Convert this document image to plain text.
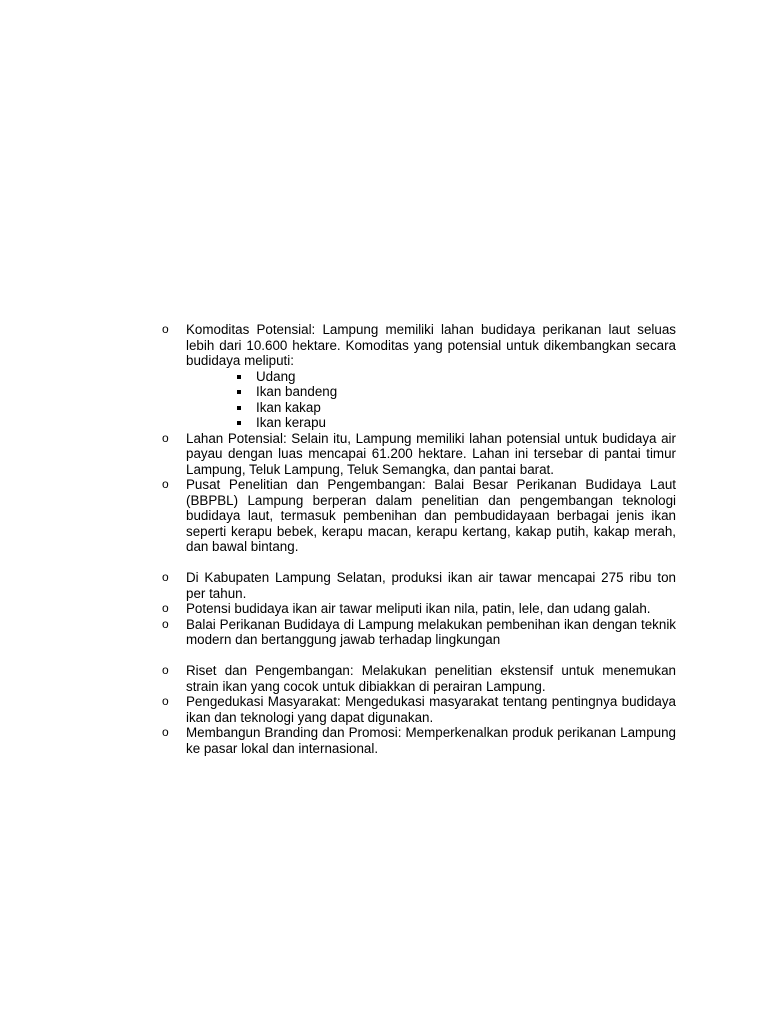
o	Komoditas Potensial: Lampung memiliki lahan budidaya perikanan laut seluas lebih dari 10.600 hektare. Komoditas yang potensial untuk dikembangkan secara budidaya meliputi:
Udang
Ikan bandeng
Ikan kakap
Ikan kerapu
o	Lahan Potensial: Selain itu, Lampung memiliki lahan potensial untuk budidaya air payau dengan luas mencapai 61.200 hektare. Lahan ini tersebar di pantai timur Lampung, Teluk Lampung, Teluk Semangka, dan pantai barat.
o	Pusat Penelitian dan Pengembangan: Balai Besar Perikanan Budidaya Laut (BBPBL) Lampung berperan dalam penelitian dan pengembangan teknologi budidaya laut, termasuk pembenihan dan pembudidayaan berbagai jenis ikan seperti kerapu bebek, kerapu macan, kerapu kertang, kakap putih, kakap merah, dan bawal bintang.
o	Di Kabupaten Lampung Selatan, produksi ikan air tawar mencapai 275 ribu ton per tahun.
o	Potensi budidaya ikan air tawar meliputi ikan nila, patin, lele, dan udang galah.
o	Balai Perikanan Budidaya di Lampung melakukan pembenihan ikan dengan teknik modern dan bertanggung jawab terhadap lingkungan
o	Riset dan Pengembangan: Melakukan penelitian ekstensif untuk menemukan strain ikan yang cocok untuk dibiakkan di perairan Lampung.
o	Pengedukasi Masyarakat: Mengedukasi masyarakat tentang pentingnya budidaya ikan dan teknologi yang dapat digunakan.
o	Membangun Branding dan Promosi: Memperkenalkan produk perikanan Lampung ke pasar lokal dan internasional.
